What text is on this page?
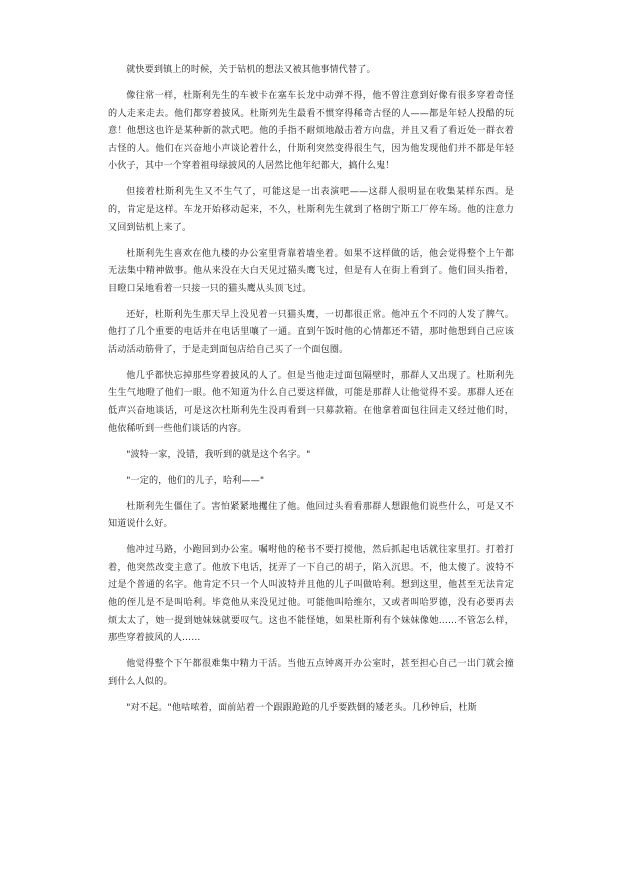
就快要到镇上的时候，关于钻机的想法又被其他事情代替了。

像往常一样，杜斯利先生的车被卡在塞车长龙中动弹不得，他不曾注意到好像有很多穿着奇怪的人走来走去。他们都穿着披风。杜斯列先生最看不惯穿得稀奇古怪的人——都是年轻人投酷的玩意！他想这也许是某种新的款式吧。他的手指不耐烦地敲击着方向盘，并且又看了看近处一群衣着古怪的人。他们在兴奋地小声谈论着什么，什斯利突然变得很生气，因为他发现他们并不都是年轻小伙子，其中一个穿着祖母绿披风的人居然比他年纪都大，搞什么鬼！

但接着杜斯利先生又不生气了，可能这是一出表演吧——这群人很明显在收集某样东西。是的，肯定是这样。车龙开始移动起来，不久，杜斯利先生就到了格朗宁斯工厂停车场。他的注意力又回到钻机上来了。

杜斯利先生喜欢在他九楼的办公室里背靠着墙坐着。如果不这样做的话，他会觉得整个上午都无法集中精神做事。他从来没在大白天见过猫头鹰飞过，但是有人在街上看到了。他们回头指着，目瞪口呆地看着一只接一只的猫头鹰从头顶飞过。

还好，杜斯利先生那天早上没见着一只猫头鹰，一切都很正常。他冲五个不同的人发了脾气。他打了几个重要的电话并在电话里嚷了一通。直到午饭时他的心情都还不错，那时他想到自己应该活动活动筋骨了，于是走到面包店给自己买了一个面包圈。

他几乎都快忘掉那些穿着披风的人了。但是当他走过面包隔壁时，那群人又出现了。杜斯利先生生气地瞪了他们一眼。他不知道为什么自己要这样做，可能是那群人让他觉得不妥。那群人还在低声兴奋地谈话，可是这次杜斯利先生没再看到一只募款箱。在他拿着面包往回走又经过他们时，他依稀听到一些他们谈话的内容。

"波特一家，没错，我听到的就是这个名字。"

"一定的，他们的儿子，哈利——"

杜斯利先生僵住了。害怕紧紧地攫住了他。他回过头看看那群人想跟他们说些什么，可是又不知道说什么好。

他冲过马路，小跑回到办公室。嘱咐他的秘书不要打搅他，然后抓起电话就往家里打。打着打着，他突然改变主意了。他放下电话，抚弄了一下自己的胡子，陷入沉思。不，他太傻了。波特不过是个普通的名字。他肯定不只一个人叫波特并且他的儿子叫做哈利。想到这里，他甚至无法肯定他的侄儿是不是叫哈利。毕竟他从来没见过他。可能他叫哈维尔，又或者叫哈罗德，没有必要再去烦太太了，她一提到她妹妹就要叹气。这也不能怪她，如果杜斯利有个妹妹像她……不管怎么样，那些穿着披风的人……

他觉得整个下午都很难集中精力干活。当他五点钟离开办公室时，甚至担心自己一出门就会撞到什么人似的。

"对不起。"他咕哝着，面前站着一个跟跟跄跄的几乎要跌倒的矮老头。几秒钟后，杜斯
